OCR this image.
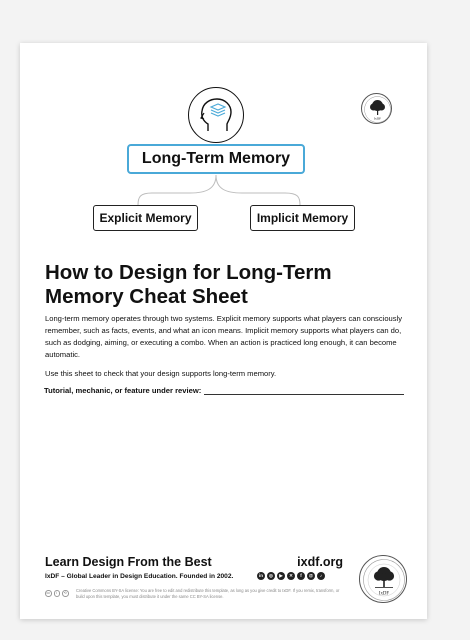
IxDF
Long-Term Memory
Explicit Memory	Implicit Memory
How to Design for Long-Term Memory Cheat Sheet

Long-term memory operates through two systems. Explicit memory supports what players can consciously remember, such as facts, events, and what an icon means. Implicit memory supports what players can do, such as dodging, aiming, or executing a combo. When an action is practiced long enough, it can become automatic.

Use this sheet to check that your design supports long-term memory.

Tutorial, mechanic, or feature under review:
Learn Design From the Best
IxDF – Global Leader in Design Education. Founded in 2002.
ixdf.org
in	◎	▶	✕	f	@	♪
IxDF
cc	i	⟲

Creative Commons BY-SA license: You are free to edit and redistribute this template, as long as you give credit to IxDF. If you remix, transform, or build upon this template, you must distribute it under the same CC BY-SA license.
